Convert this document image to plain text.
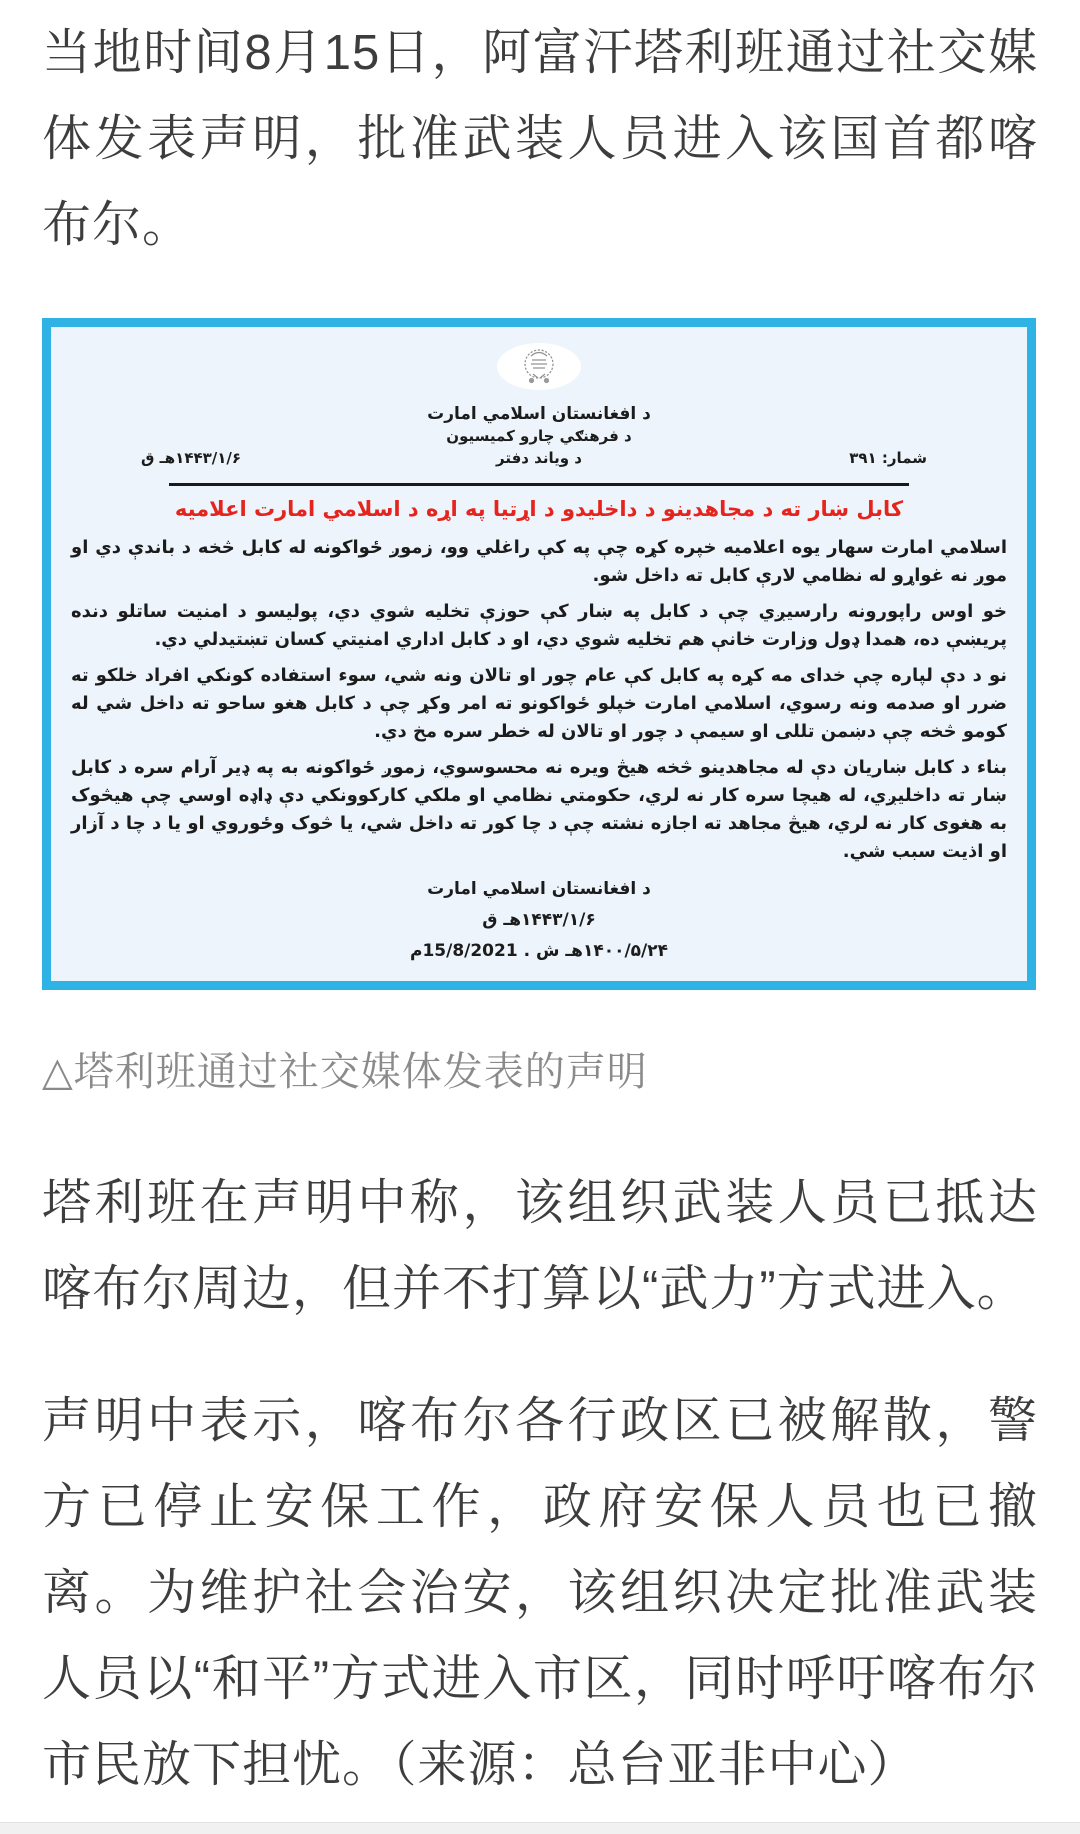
当地时间8月15日，阿富汗塔利班通过社交媒体发表声明，批准武装人员进入该国首都喀布尔。

شمار: ۳۹۱
د افغانستان اسلامي امارت
د فرهنګي چارو کمیسیون
د وياند دفتر
۱۴۴۳/۱/۶هـ ق
کابل ښار ته د مجاهدینو د داخلیدو د اړتیا په اړه د اسلامي امارت اعلامیه

اسلامي امارت سهار يوه اعلاميه خپره کړه چې په کې راغلي وو، زموږ ځواکونه له کابل څخه د باندې دي او موږ نه غواړو له نظامي لارې کابل ته داخل شو.

خو اوس راپورونه رارسیږي چې د کابل په ښار کې حوزې تخلیه شوي دي، پولیسو د امنیت ساتلو دنده پریښې ده، همدا ډول وزارت خانې هم تخلیه شوي دي، او د کابل اداري امنیتي کسان تښتیدلي دي.

نو د دې لپاره چې خدای مه کړه په کابل کې عام چور او تالان ونه شي، سوء استفاده کونکي افراد خلکو ته ضرر او صدمه ونه رسوي، اسلامي امارت خپلو ځواکونو ته امر وکړ چې د کابل هغو ساحو ته داخل شي له کومو څخه چې دښمن تللی او سیمې د چور او تالان له خطر سره مخ دي.

بناء د کابل ښاریان دې له مجاهدینو څخه هیڅ ویره نه محسوسوي، زموږ ځواکونه به په ډیر آرام سره د کابل ښار ته داخلیږي، له هیچا سره کار نه لري، حکومتي نظامي او ملکي کارکوونکي دې ډاډه اوسي چې هیڅوک به هغوی کار نه لري، هیڅ مجاهد ته اجازه نشته چې د چا کور ته داخل شي، یا څوک وځوروي او یا د چا د آزار او اذیت سبب شي.

د افغانستان اسلامي امارت
۱۴۴۳/۱/۶هـ ق
۱۴۰۰/۵/۲۴هـ ش . 15/8/2021م
△塔利班通过社交媒体发表的声明

塔利班在声明中称，该组织武装人员已抵达喀布尔周边，但并不打算以“武力”方式进入。

声明中表示，喀布尔各行政区已被解散，警方已停止安保工作，政府安保人员也已撤离。为维护社会治安，该组织决定批准武装人员以“和平”方式进入市区，同时呼吁喀布尔市民放下担忧。（来源：总台亚非中心）
